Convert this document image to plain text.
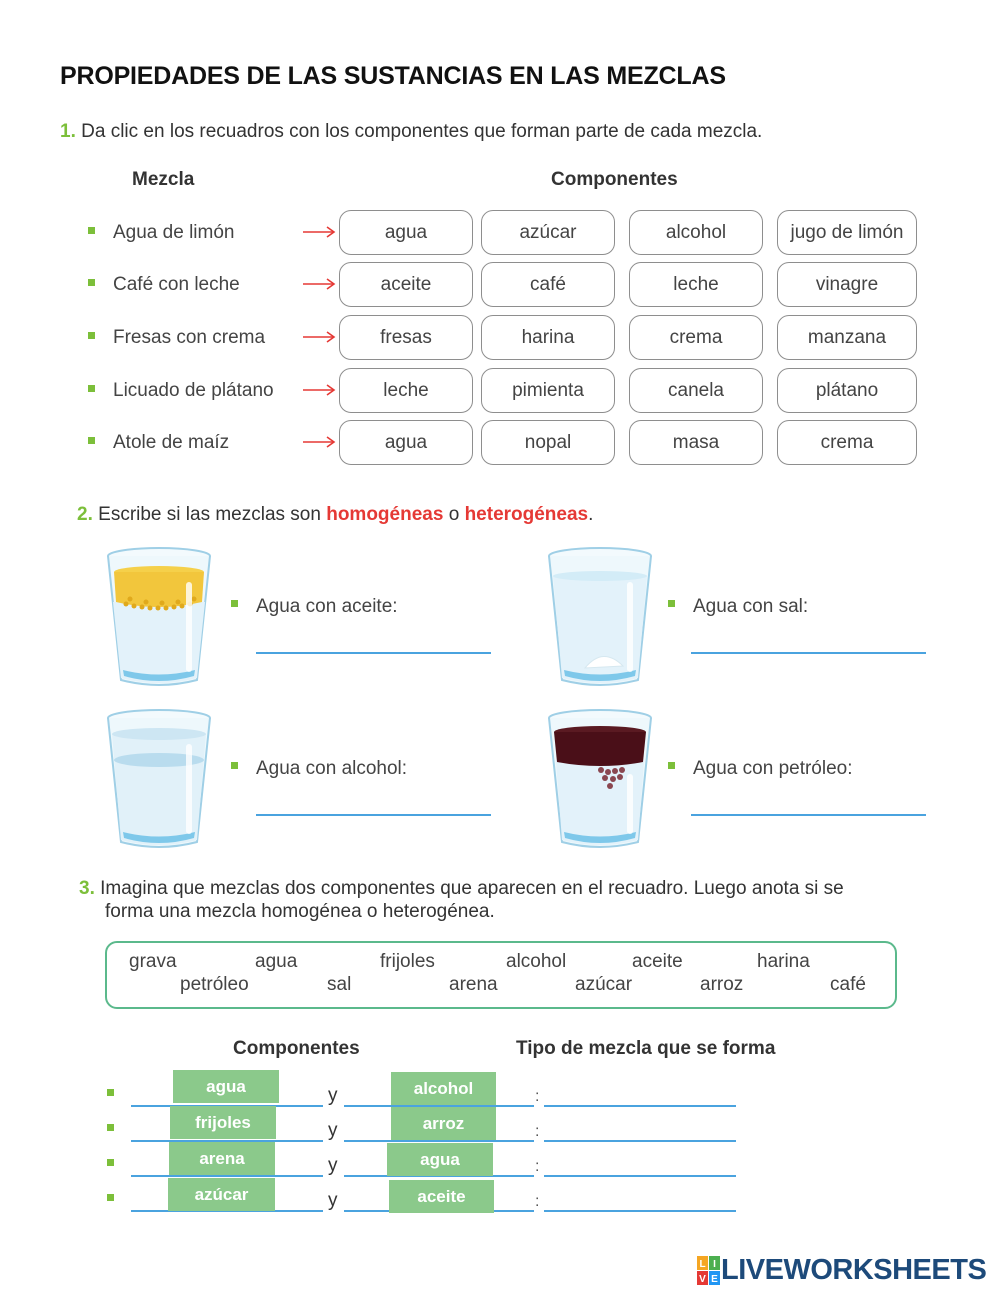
PROPIEDADES DE LAS SUSTANCIAS EN LAS MEZCLAS
1. Da clic en los recuadros con los componentes que forman parte de cada mezcla.
Mezcla	Componentes
Agua de limón	agua	azúcar	alcohol	jugo de limón
Café con leche	aceite	café	leche	vinagre
Fresas con crema	fresas	harina	crema	manzana
Licuado de plátano	leche	pimienta	canela	plátano
Atole de maíz	agua	nopal	masa	crema
2. Escribe si las mezclas son homogéneas o heterogéneas.
Agua con aceite:	Agua con sal:
Agua con alcohol:	Agua con petróleo:
3. Imagina que mezclas dos componentes que aparecen en el recuadro. Luego anota si se
forma una mezcla homogénea o heterogénea.
grava	agua	frijoles	alcohol	aceite	harina
petróleo	sal	arena	azúcar	arroz	café
Componentes	Tipo de mezcla que se forma
agua	y	alcohol	:
frijoles	y	arroz	:
arena	y	agua	:
azúcar	y	aceite	:
L I
V E LIVEWORKSHEETS
